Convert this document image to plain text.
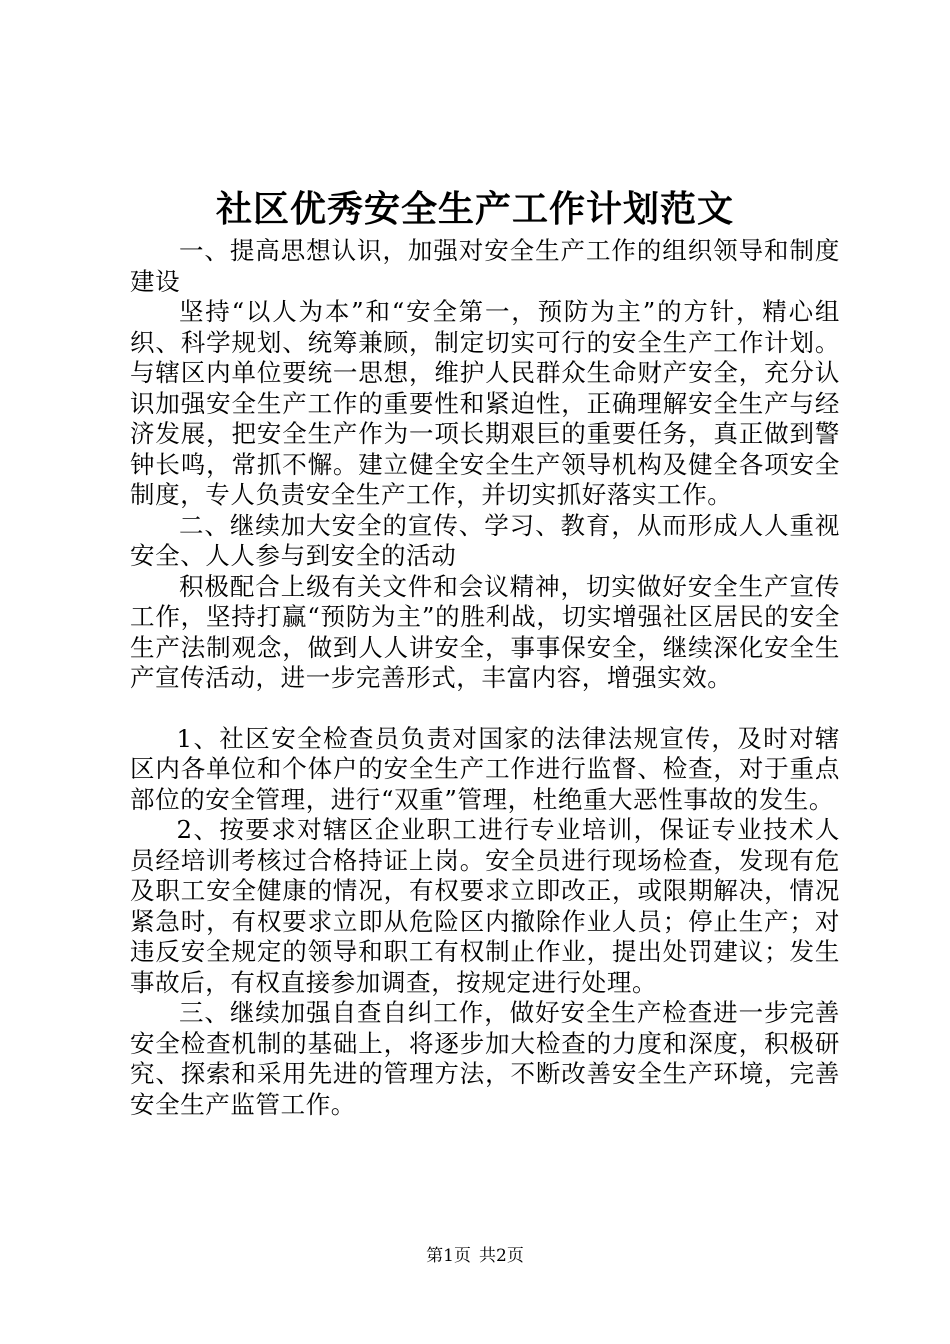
社区优秀安全生产工作计划范文

一、提高思想认识，加强对安全生产工作的组织领导和制度建设

坚持“以人为本”和“安全第一，预防为主”的方针，精心组织、科学规划、统筹兼顾，制定切实可行的安全生产工作计划。与辖区内单位要统一思想，维护人民群众生命财产安全，充分认识加强安全生产工作的重要性和紧迫性，正确理解安全生产与经济发展，把安全生产作为一项长期艰巨的重要任务，真正做到警钟长鸣，常抓不懈。建立健全安全生产领导机构及健全各项安全制度，专人负责安全生产工作，并切实抓好落实工作。

二、继续加大安全的宣传、学习、教育，从而形成人人重视安全、人人参与到安全的活动

积极配合上级有关文件和会议精神，切实做好安全生产宣传工作，坚持打赢“预防为主”的胜利战，切实增强社区居民的安全生产法制观念，做到人人讲安全，事事保安全，继续深化安全生产宣传活动，进一步完善形式，丰富内容，增强实效。

1、社区安全检查员负责对国家的法律法规宣传，及时对辖区内各单位和个体户的安全生产工作进行监督、检查，对于重点部位的安全管理，进行“双重”管理，杜绝重大恶性事故的发生。

2、按要求对辖区企业职工进行专业培训，保证专业技术人员经培训考核过合格持证上岗。安全员进行现场检查，发现有危及职工安全健康的情况，有权要求立即改正，或限期解决，情况紧急时，有权要求立即从危险区内撤除作业人员；停止生产；对违反安全规定的领导和职工有权制止作业，提出处罚建议；发生事故后，有权直接参加调查，按规定进行处理。

三、继续加强自查自纠工作，做好安全生产检查进一步完善安全检查机制的基础上，将逐步加大检查的力度和深度，积极研究、探索和采用先进的管理方法，不断改善安全生产环境，完善安全生产监管工作。

第1页 共2页
